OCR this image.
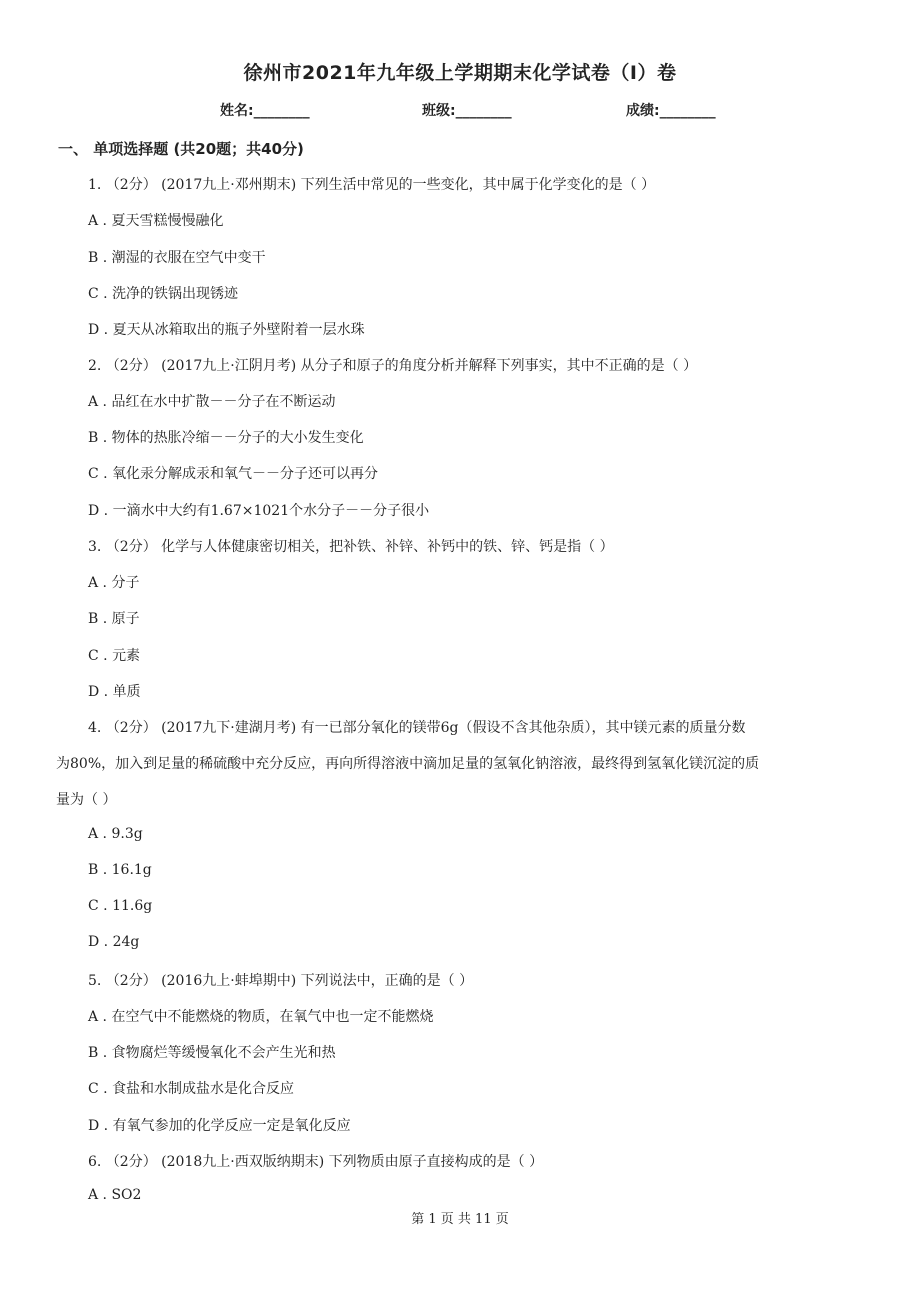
徐州市2021年九年级上学期期末化学试卷（I）卷
姓名:________	班级:________	成绩:________
一、 单项选择题 (共20题；共40分)
1. （2分） (2017九上·邓州期末) 下列生活中常见的一些变化，其中属于化学变化的是（ ）
A . 夏天雪糕慢慢融化
B . 潮湿的衣服在空气中变干
C . 洗净的铁锅出现锈迹
D . 夏天从冰箱取出的瓶子外壁附着一层水珠
2. （2分） (2017九上·江阴月考) 从分子和原子的角度分析并解释下列事实，其中不正确的是（ ）
A . 品红在水中扩散－－分子在不断运动
B . 物体的热胀冷缩－－分子的大小发生变化
C . 氧化汞分解成汞和氧气－－分子还可以再分
D . 一滴水中大约有1.67×1021个水分子－－分子很小
3. （2分） 化学与人体健康密切相关，把补铁、补锌、补钙中的铁、锌、钙是指（ ）
A . 分子
B . 原子
C . 元素
D . 单质
4. （2分） (2017九下·建湖月考) 有一已部分氧化的镁带6g（假设不含其他杂质），其中镁元素的质量分数
为80%，加入到足量的稀硫酸中充分反应，再向所得溶液中滴加足量的氢氧化钠溶液，最终得到氢氧化镁沉淀的质
量为（ ）
A . 9.3g
B . 16.1g
C . 11.6g
D . 24g
5. （2分） (2016九上·蚌埠期中) 下列说法中，正确的是（ ）
A . 在空气中不能燃烧的物质，在氧气中也一定不能燃烧
B . 食物腐烂等缓慢氧化不会产生光和热
C . 食盐和水制成盐水是化合反应
D . 有氧气参加的化学反应一定是氧化反应
6. （2分） (2018九上·西双版纳期末) 下列物质由原子直接构成的是（ ）
A . SO2
第 1 页 共 11 页
